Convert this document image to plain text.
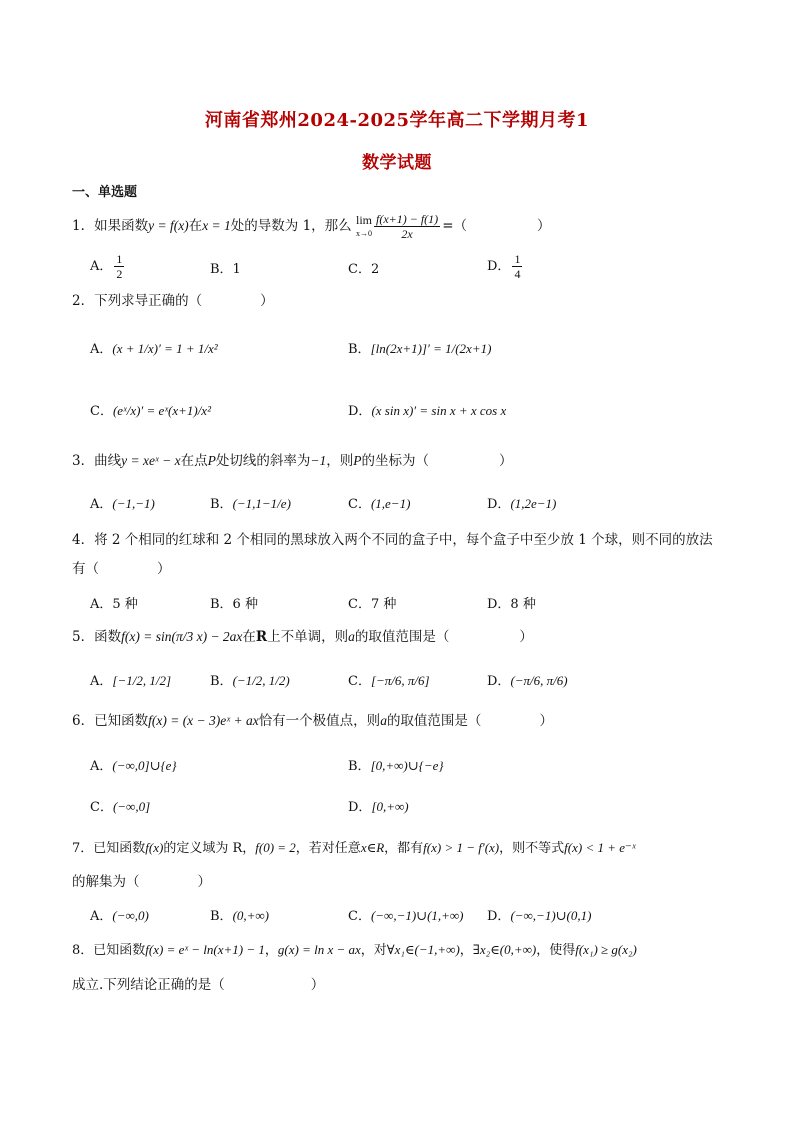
河南省郑州2024-2025学年高二下学期月考1
数学试题
一、单选题
1．如果函数y = f(x)在x = 1处的导数为 1，那么 lim
$x\to 0 \frac{f(x+1) - f(1)}{2x}$ =（	）
A． $\frac{1}{2}$	B．1	C．2	D． $\frac{1}{4}$
2．下列求导正确的（	）
A．(x + 1/x)′ = 1 + 1/x²	B．[ln(2x+1)]′ = 1/(2x+1)
C．(eˣ/x)′ = eˣ(x+1)/x²	D．(x sin x)′ = sin x + x cos x
3．曲线y = xeˣ − x在点P处切线的斜率为−1，则P的坐标为（	）
A．(−1,−1)	B．(−1,1−1/e)	C．(1,e−1)	D．(1,2e−1)
4．将 2 个相同的红球和 2 个相同的黑球放入两个不同的盒子中，每个盒子中至少放 1 个球，则不同的放法
有（	）
A．5 种	B．6 种	C．7 种	D．8 种
5．函数f(x) = sin(π/3 x) − 2ax在R上不单调，则a的取值范围是（	）
A．[−1/2, 1/2]	B．(−1/2, 1/2)	C．[−π/6, π/6]	D．(−π/6, π/6)
6．已知函数f(x) = (x − 3)eˣ + ax恰有一个极值点，则a的取值范围是（	）
A．(−∞,0]∪{e}	B．[0,+∞)∪{−e}
C．(−∞,0]	D．[0,+∞)
7．已知函数f(x)的定义域为 R，f(0) = 2，若对任意x∈R，都有f(x) > 1 − f′(x)，则不等式f(x) < 1 + e⁻ˣ
的解集为（	）
A．(−∞,0)	B．(0,+∞)	C．(−∞,−1)∪(1,+∞) D．(−∞,−1)∪(0,1)
8．已知函数f(x) = eˣ − ln(x+1) − 1，g(x) = ln x − ax，对∀x₁∈(−1,+∞)，∃x₂∈(0,+∞)，使得f(x₁) ≥ g(x₂)
成立.下列结论正确的是（	）
